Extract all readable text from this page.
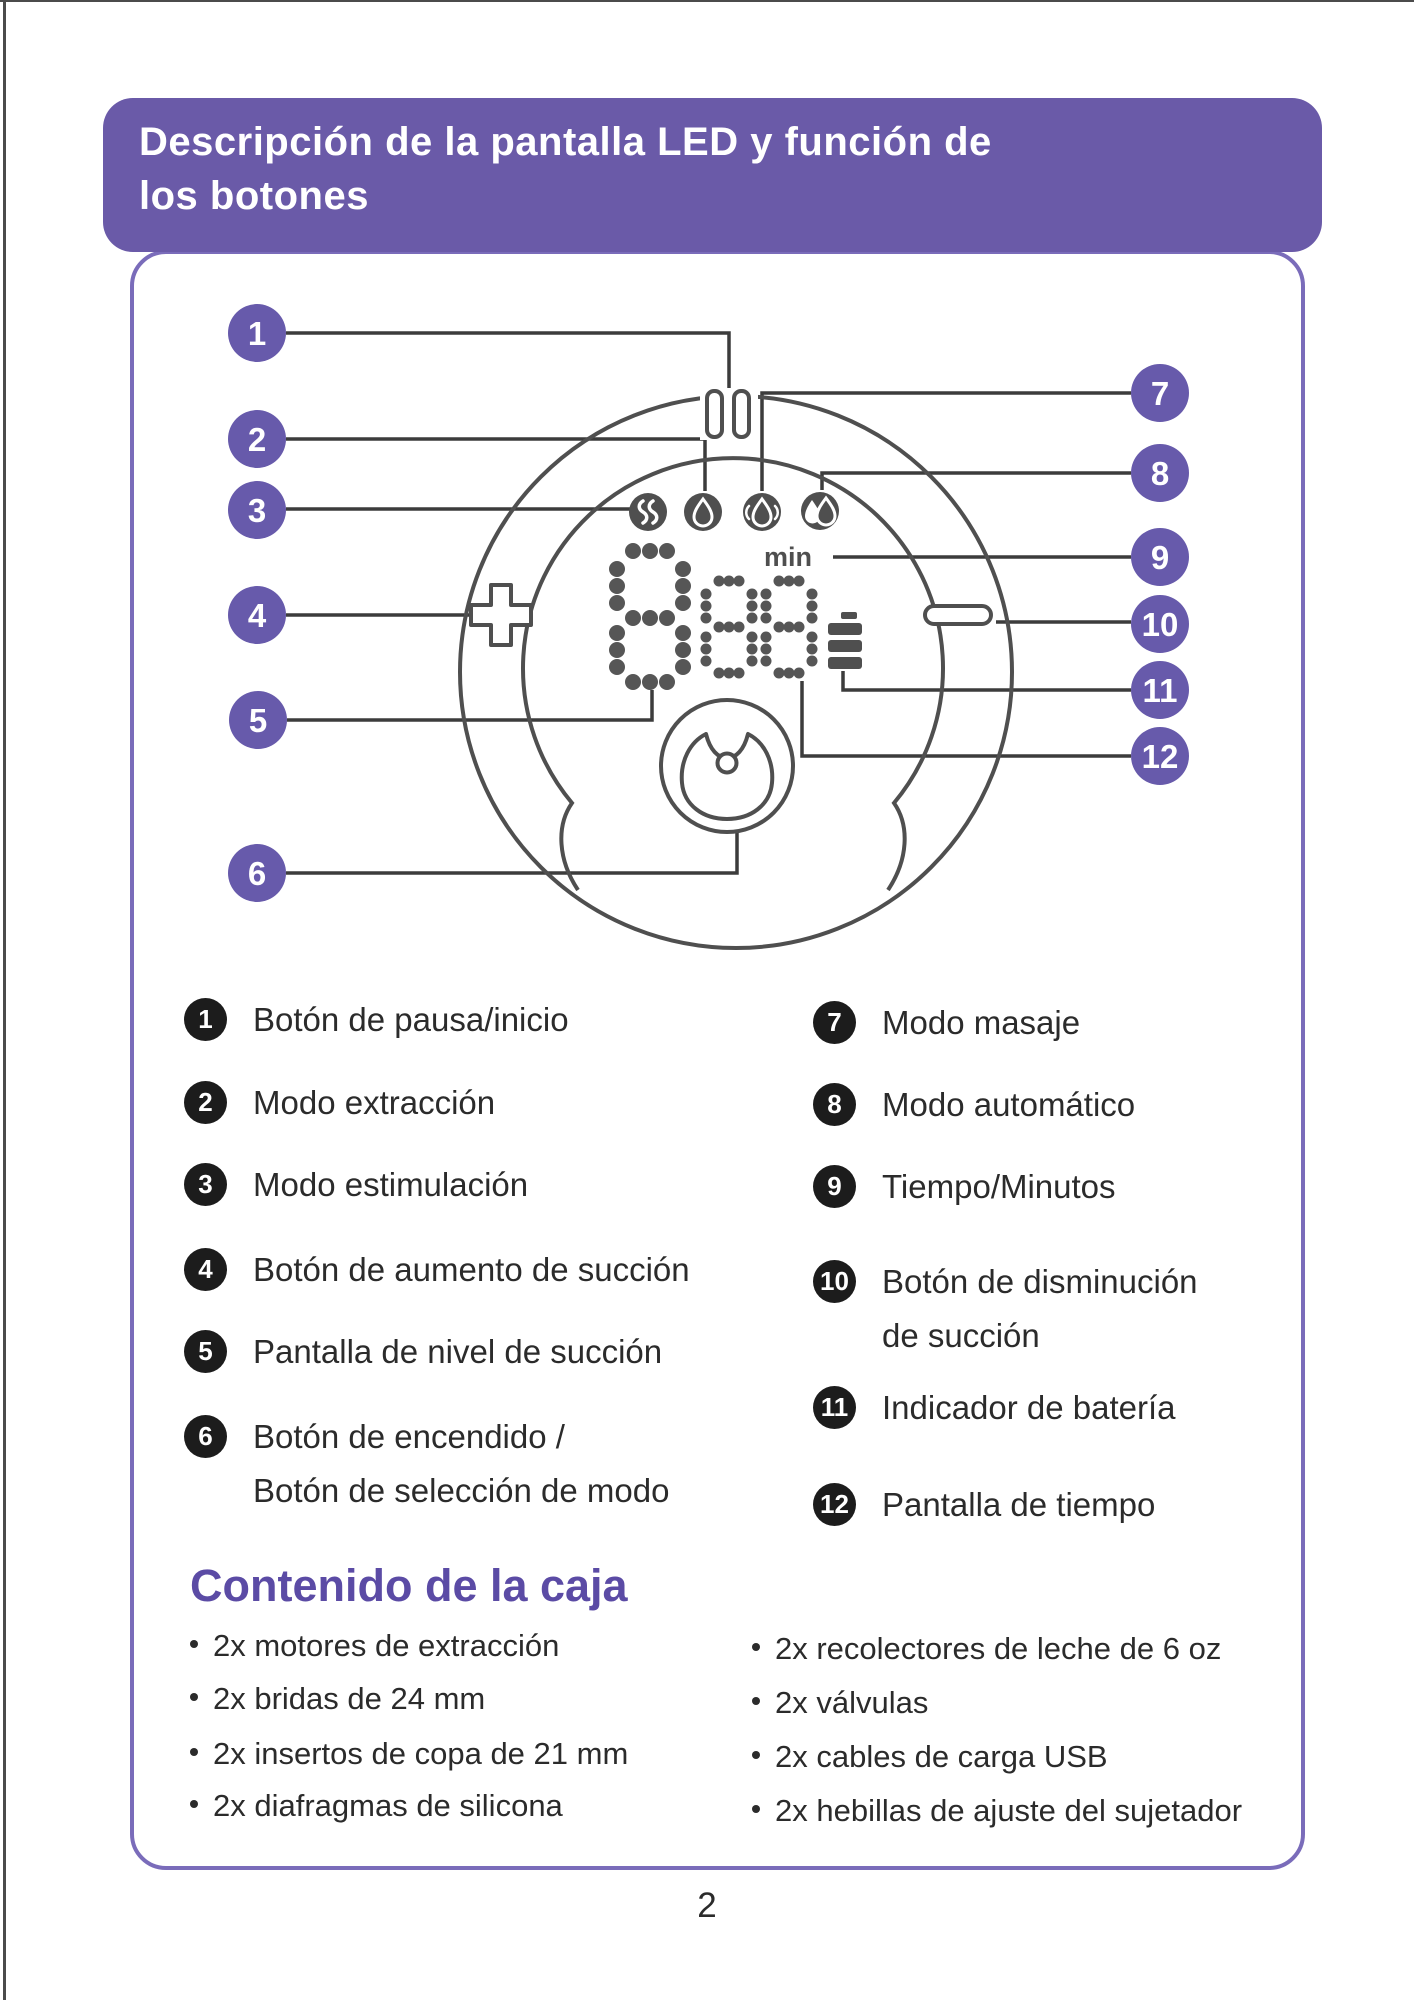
Descripción de la pantalla LED y función de
los botones
min
1
2
3
4
5
6
7
8
9
10
11
12
1	Botón de pausa/inicio
2	Modo extracción
3	Modo estimulación
4	Botón de aumento de succión
5	Pantalla de nivel de succión
6	Botón de encendido /
Botón de selección de modo
7	Modo masaje
8	Modo automático
9	Tiempo/Minutos
10 Botón de disminución
de succión
11 Indicador de batería
12 Pantalla de tiempo
Contenido de la caja
2x motores de extracción
2x bridas de 24 mm
2x insertos de copa de 21 mm
2x diafragmas de silicona
2x recolectores de leche de 6 oz
2x válvulas
2x cables de carga USB
2x hebillas de ajuste del sujetador
2
